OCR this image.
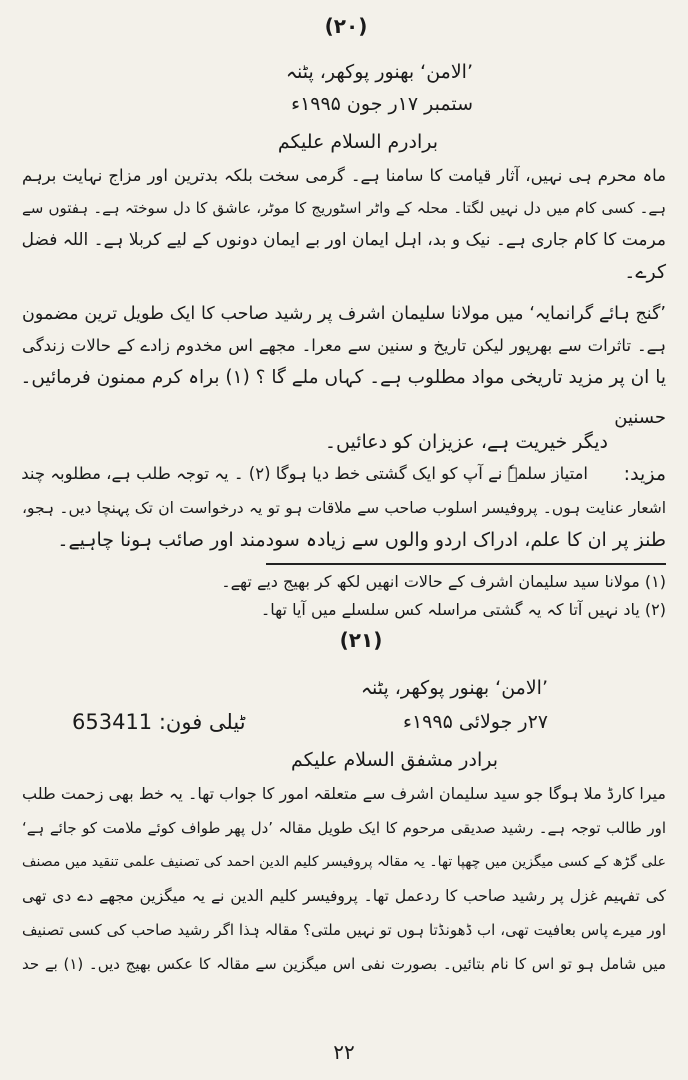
(۲۰)
’الامن‘ بھنور پوکھر، پٹنہ
ستمبر ۱۷ر جون ۱۹۹۵ء
برادرم السلام علیکم
ماہ محرم ہی نہیں، آثار قیامت کا سامنا ہے۔ گرمی سخت بلکہ بدترین اور مزاج نہایت برہم
ہے۔ کسی کام میں دل نہیں لگتا۔ محلہ کے واٹر اسٹوریج کا موٹر، عاشق کا دل سوختہ ہے۔ ہفتوں سے
مرمت کا کام جاری ہے۔ نیک و بد، اہل ایمان اور بے ایمان دونوں کے لیے کربلا ہے۔ اللہ فضل
کرے۔
’گنج ہائے گرانمایہ‘ میں مولانا سلیمان اشرف پر رشید صاحب کا ایک طویل ترین مضمون
ہے۔ تاثرات سے بھرپور لیکن تاریخ و سنین سے معرا۔ مجھے اس مخدوم زادے کے حالات زندگی
یا ان پر مزید تاریخی مواد مطلوب ہے۔ کہاں ملے گا ؟ (۱) براہ کرم ممنون فرمائیں۔
حسنین
دیگر خیریت ہے، عزیزان کو دعائیں۔
مزید:
امتیاز سلمہٗ نے آپ کو ایک گشتی خط دیا ہوگا (۲) ۔ یہ توجہ طلب ہے، مطلوبہ چند
اشعار عنایت ہوں۔ پروفیسر اسلوب صاحب سے ملاقات ہو تو یہ درخواست ان تک پہنچا دیں۔ ہجو،
طنز پر ان کا علم، ادراک اردو والوں سے زیادہ سودمند اور صائب ہونا چاہیے۔
(۱) مولانا سید سلیمان اشرف کے حالات انھیں لکھ کر بھیج دیے تھے۔
(۲) یاد نہیں آتا کہ یہ گشتی مراسلہ کس سلسلے میں آیا تھا۔
(۲۱)
’الامن‘ بھنور پوکھر، پٹنہ
۲۷ر جولائی ۱۹۹۵ء
ٹیلی فون: 653411
برادر مشفق السلام علیکم
میرا کارڈ ملا ہوگا جو سید سلیمان اشرف سے متعلقہ امور کا جواب تھا۔ یہ خط بھی زحمت طلب
اور طالب توجہ ہے۔ رشید صدیقی مرحوم کا ایک طویل مقالہ ’دل پھر طواف کوئے ملامت کو جائے ہے‘
علی گڑھ کے کسی میگزین میں چھپا تھا۔ یہ مقالہ پروفیسر کلیم الدین احمد کی تصنیف علمی تنقید میں مصنف
کی تفہیم غزل پر رشید صاحب کا ردعمل تھا۔ پروفیسر کلیم الدین نے یہ میگزین مجھے دے دی تھی
اور میرے پاس بعافیت تھی، اب ڈھونڈتا ہوں تو نہیں ملتی؟ مقالہ ہٰذا اگر رشید صاحب کی کسی تصنیف
میں شامل ہو تو اس کا نام بتائیں۔ بصورت نفی اس میگزین سے مقالہ کا عکس بھیج دیں۔ (۱) بے حد
۲۲
